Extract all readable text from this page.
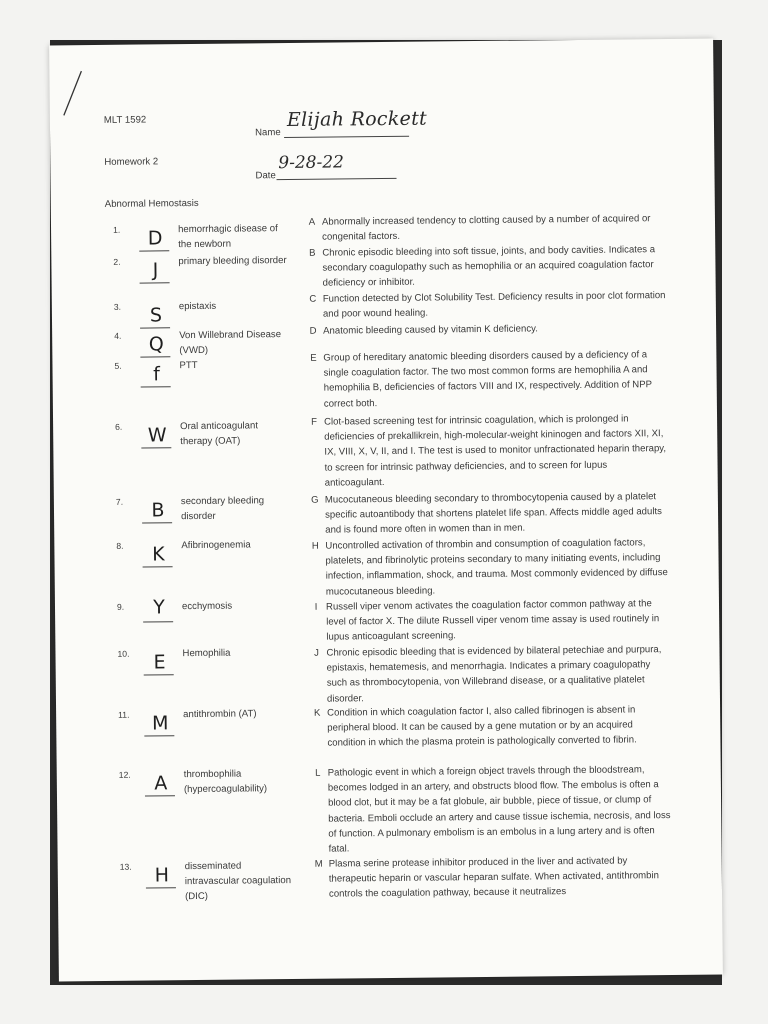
MLT 1592
Homework 2
Abnormal Hemostasis
Name
Elijah Rockett
Date
9-28-22
1.	D	hemorrhagic disease of the newborn
2.	J	primary bleeding disorder
3.	S	epistaxis
4.	Q	Von Willebrand Disease (VWD)
5.	f	PTT
6. W	Oral anticoagulant therapy (OAT)
7.	B	secondary bleeding disorder
8.	K	Afibrinogenemia
9.	Y	ecchymosis
10.	E	Hemophilia
11.	M	antithrombin (AT)
12.	A	thrombophilia (hypercoagulability)
13.	H	disseminated intravascular coagulation (DIC)
A Abnormally increased tendency to clotting caused by a number of acquired or congenital factors.
B Chronic episodic bleeding into soft tissue, joints, and body cavities. Indicates a secondary coagulopathy such as hemophilia or an acquired coagulation factor deficiency or inhibitor.
C Function detected by Clot Solubility Test. Deficiency results in poor clot formation and poor wound healing.
D Anatomic bleeding caused by vitamin K deficiency.
E Group of hereditary anatomic bleeding disorders caused by a deficiency of a single coagulation factor. The two most common forms are hemophilia A and hemophilia B, deficiencies of factors VIII and IX, respectively. Addition of NPP correct both.
F Clot-based screening test for intrinsic coagulation, which is prolonged in deficiencies of prekallikrein, high-molecular-weight kininogen and factors XII, XI, IX, VIII, X, V, II, and I. The test is used to monitor unfractionated heparin therapy, to screen for intrinsic pathway deficiencies, and to screen for lupus anticoagulant.
G Mucocutaneous bleeding secondary to thrombocytopenia caused by a platelet specific autoantibody that shortens platelet life span. Affects middle aged adults and is found more often in women than in men.
H Uncontrolled activation of thrombin and consumption of coagulation factors, platelets, and fibrinolytic proteins secondary to many initiating events, including infection, inflammation, shock, and trauma. Most commonly evidenced by diffuse mucocutaneous bleeding.
I Russell viper venom activates the coagulation factor common pathway at the level of factor X. The dilute Russell viper venom time assay is used routinely in lupus anticoagulant screening.
J Chronic episodic bleeding that is evidenced by bilateral petechiae and purpura, epistaxis, hematemesis, and menorrhagia. Indicates a primary coagulopathy such as thrombocytopenia, von Willebrand disease, or a qualitative platelet disorder.
K Condition in which coagulation factor I, also called fibrinogen is absent in peripheral blood. It can be caused by a gene mutation or by an acquired condition in which the plasma protein is pathologically converted to fibrin.
L Pathologic event in which a foreign object travels through the bloodstream, becomes lodged in an artery, and obstructs blood flow. The embolus is often a blood clot, but it may be a fat globule, air bubble, piece of tissue, or clump of bacteria. Emboli occlude an artery and cause tissue ischemia, necrosis, and loss of function. A pulmonary embolism is an embolus in a lung artery and is often fatal.
M Plasma serine protease inhibitor produced in the liver and activated by therapeutic heparin or vascular heparan sulfate. When activated, antithrombin controls the coagulation pathway, because it neutralizes
